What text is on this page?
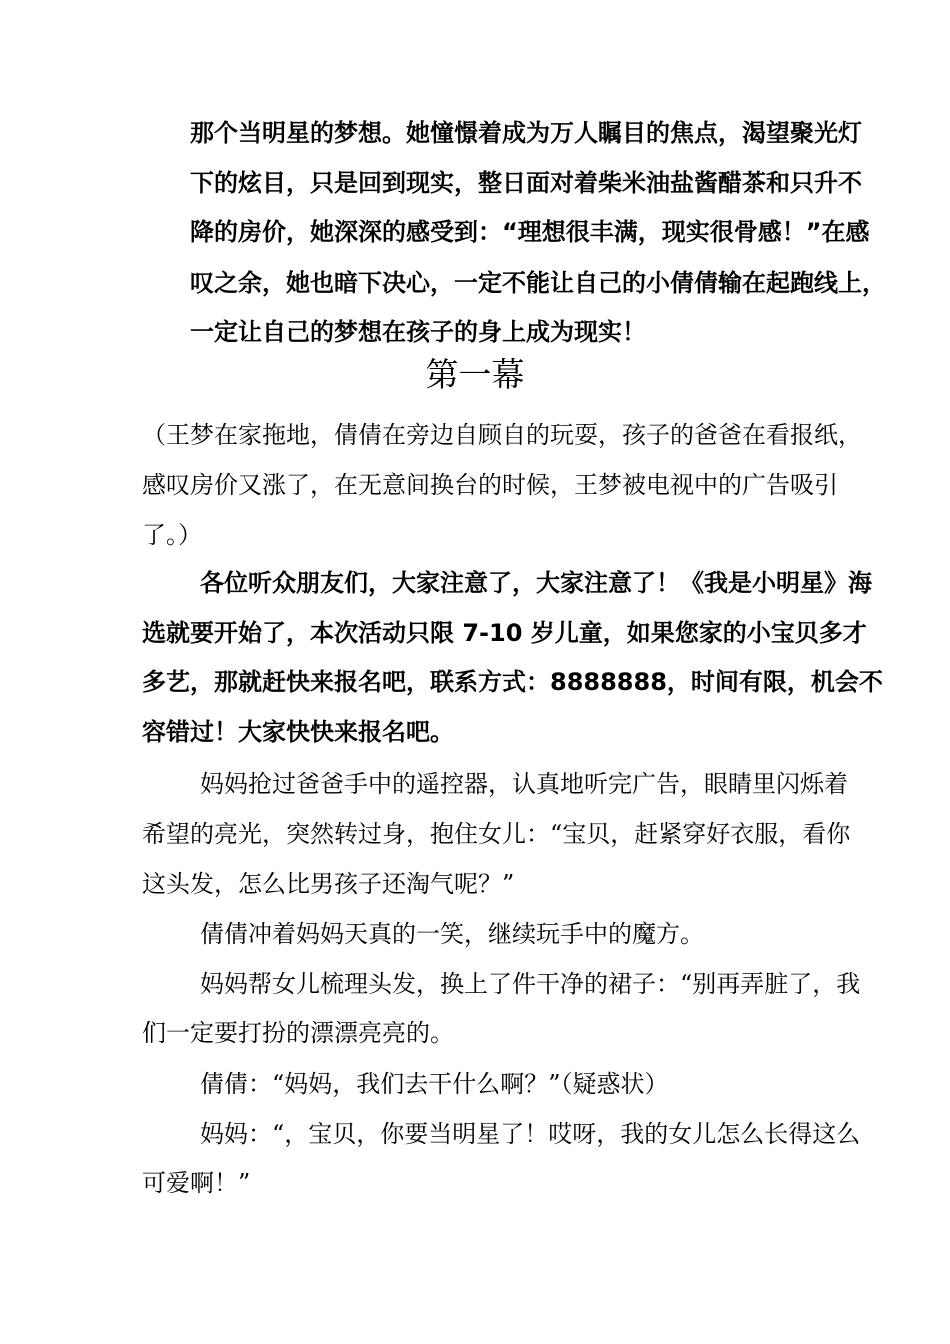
那个当明星的梦想。她憧憬着成为万人瞩目的焦点，渴望聚光灯
下的炫目，只是回到现实，整日面对着柴米油盐酱醋茶和只升不
降的房价，她深深的感受到：“理想很丰满，现实很骨感！”在感
叹之余，她也暗下决心，一定不能让自己的小倩倩输在起跑线上，
一定让自己的梦想在孩子的身上成为现实！
第一幕
（王梦在家拖地，倩倩在旁边自顾自的玩耍，孩子的爸爸在看报纸，
感叹房价又涨了，在无意间换台的时候，王梦被电视中的广告吸引
了。）
各位听众朋友们，大家注意了，大家注意了！《我是小明星》海
选就要开始了，本次活动只限 7-10 岁儿童，如果您家的小宝贝多才
多艺，那就赶快来报名吧，联系方式：8888888，时间有限，机会不
容错过！大家快快来报名吧。
妈妈抢过爸爸手中的遥控器，认真地听完广告，眼睛里闪烁着
希望的亮光，突然转过身，抱住女儿：“宝贝，赶紧穿好衣服，看你
这头发，怎么比男孩子还淘气呢？”
倩倩冲着妈妈天真的一笑，继续玩手中的魔方。
妈妈帮女儿梳理头发，换上了件干净的裙子：“别再弄脏了，我
们一定要打扮的漂漂亮亮的。
倩倩：“妈妈，我们去干什么啊？”（疑惑状）
妈妈：“，宝贝，你要当明星了！哎呀，我的女儿怎么长得这么
可爱啊！”
